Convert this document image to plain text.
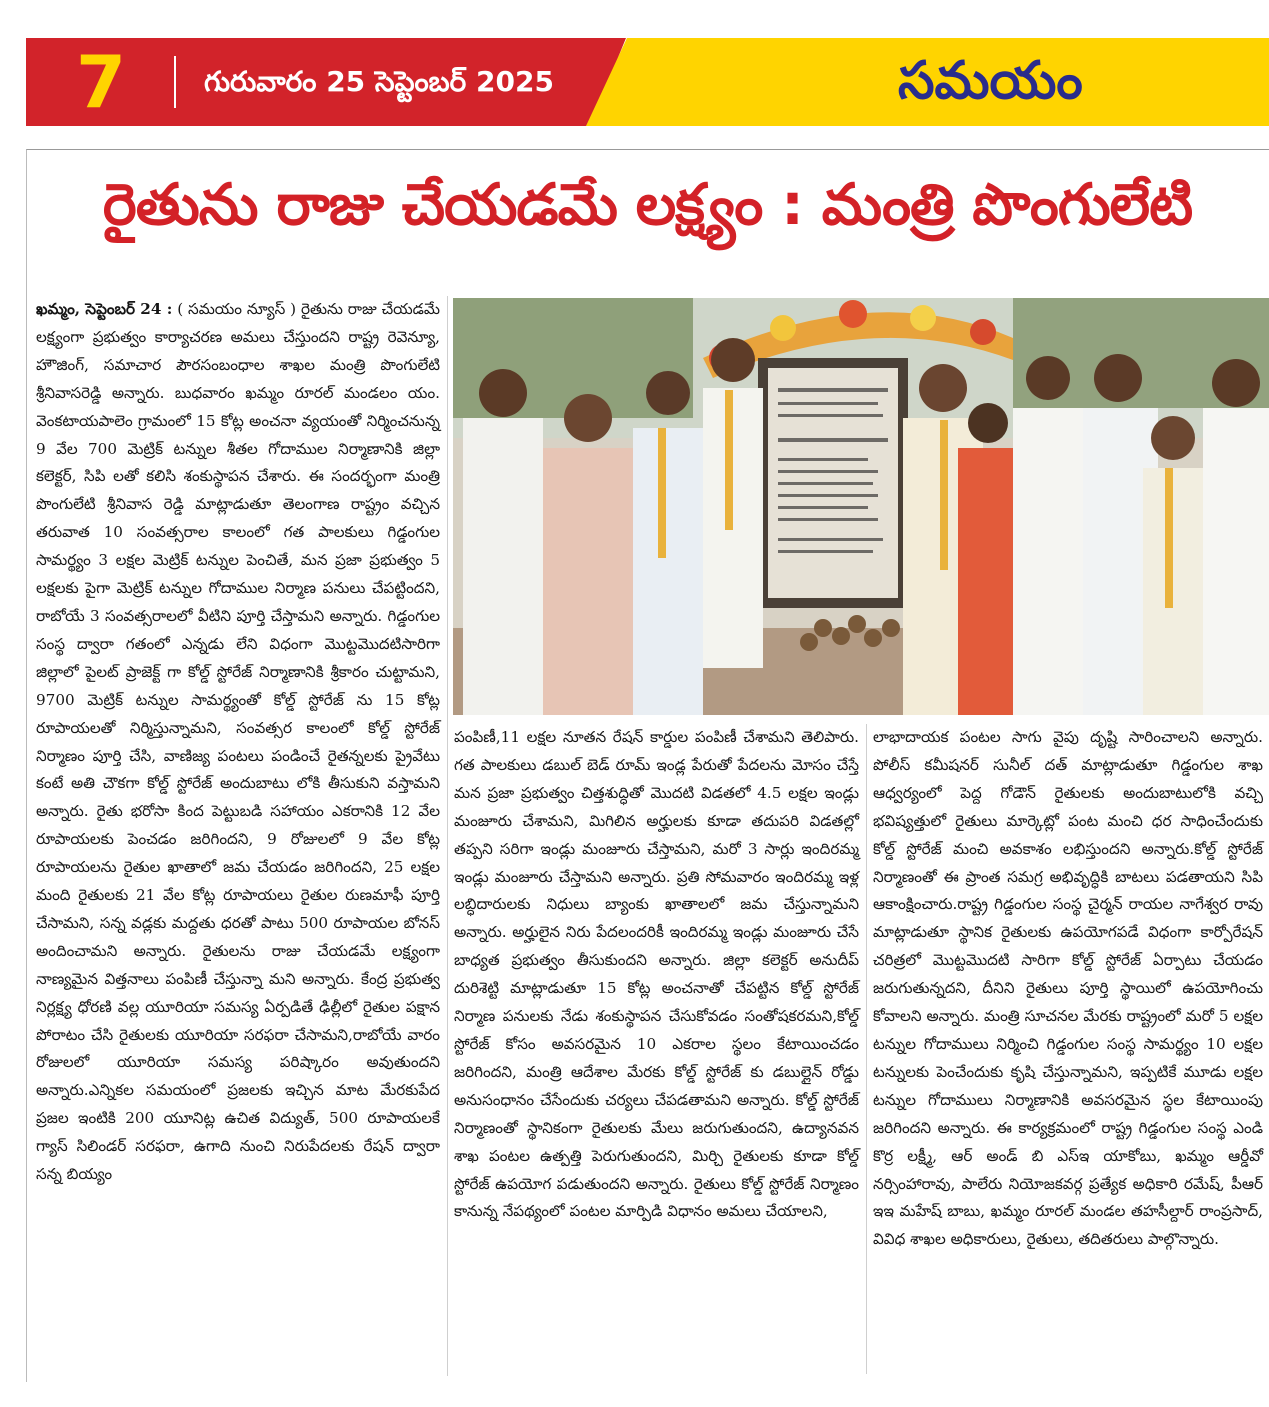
7	గురువారం 25 సెప్టెంబర్ 2025	సమయం
రైతును రాజు చేయడమే లక్ష్యం : మంత్రి పొంగులేటి
ఖమ్మం, సెప్టెంబర్ 24 : ( సమయం న్యూస్ ) రైతును రాజు చేయడమే లక్ష్యంగా ప్రభుత్వం కార్యాచరణ అమలు చేస్తుందని రాష్ట్ర రెవెన్యూ, హౌజింగ్, సమాచార పౌరసంబంధాల శాఖల మంత్రి పొంగులేటి శ్రీనివాసరెడ్డి అన్నారు. బుధవారం ఖమ్మం రూరల్ మండలం యం. వెంకటాయపాలెం గ్రామంలో 15 కోట్ల అంచనా వ్యయంతో నిర్మించనున్న 9 వేల 700 మెట్రిక్ టన్నుల శీతల గోదాముల నిర్మాణానికి జిల్లా కలెక్టర్, సిపి లతో కలిసి శంకుస్థాపన చేశారు. ఈ సందర్భంగా మంత్రి పొంగులేటి శ్రీనివాస రెడ్డి మాట్లాడుతూ తెలంగాణ రాష్ట్రం వచ్చిన తరువాత 10 సంవత్సరాల కాలంలో గత పాలకులు గిడ్డంగుల సామర్థ్యం 3 లక్షల మెట్రిక్ టన్నుల పెంచితే, మన ప్రజా ప్రభుత్వం 5 లక్షలకు పైగా మెట్రిక్ టన్నుల గోదాముల నిర్మాణ పనులు చేపట్టిందని, రాబోయే 3 సంవత్సరాలలో వీటిని పూర్తి చేస్తామని అన్నారు. గిడ్డంగుల సంస్థ ద్వారా గతంలో ఎన్నడు లేని విధంగా మొట్టమొదటిసారిగా జిల్లాలో పైలట్ ప్రాజెక్ట్ గా కోల్డ్ స్టోరేజ్ నిర్మాణానికి శ్రీకారం చుట్టామని, 9700 మెట్రిక్ టన్నుల సామర్థ్యంతో కోల్డ్ స్టోరేజ్ ను 15 కోట్ల రూపాయలతో నిర్మిస్తున్నామని, సంవత్సర కాలంలో కోల్డ్ స్టోరేజ్ నిర్మాణం పూర్తి చేసి, వాణిజ్య పంటలు పండించే రైతన్నలకు ప్రైవేటు కంటే అతి చౌకగా కోల్డ్ స్టోరేజ్ అందుబాటు లోకి తీసుకుని వస్తామని అన్నారు. రైతు భరోసా కింద పెట్టుబడి సహాయం ఎకరానికి 12 వేల రూపాయలకు పెంచడం జరిగిందని, 9 రోజులలో 9 వేల కోట్ల రూపాయలను రైతుల ఖాతాలో జమ చేయడం జరిగిందని, 25 లక్షల మంది రైతులకు 21 వేల కోట్ల రూపాయలు రైతుల రుణమాఫీ పూర్తి చేసామని, సన్న వడ్లకు మద్దతు ధరతో పాటు 500 రూపాయల బోనస్ అందించామని అన్నారు. రైతులను రాజు చేయడమే లక్ష్యంగా నాణ్యమైన విత్తనాలు పంపిణీ చేస్తున్నా మని అన్నారు. కేంద్ర ప్రభుత్వ నిర్లక్ష్య ధోరణి వల్ల యూరియా సమస్య ఏర్పడితే ఢిల్లీలో రైతుల పక్షాన పోరాటం చేసి రైతులకు యూరియా సరఫరా చేసామని,రాబోయే వారం రోజులలో యూరియా సమస్య పరిష్కారం అవుతుందని అన్నారు.ఎన్నికల సమయంలో ప్రజలకు ఇచ్చిన మాట మేరకుపేద ప్రజల ఇంటికి 200 యూనిట్ల ఉచిత విద్యుత్, 500 రూపాయలకే గ్యాస్ సిలిండర్ సరఫరా, ఉగాది నుంచి నిరుపేదలకు రేషన్ ద్వారా సన్న బియ్యం
పంపిణీ,11 లక్షల నూతన రేషన్ కార్డుల పంపిణీ చేశామని తెలిపారు. గత పాలకులు డబుల్ బెడ్ రూమ్ ఇండ్ల పేరుతో పేదలను మోసం చేస్తే మన ప్రజా ప్రభుత్వం చిత్తశుద్ధితో మొదటి విడతలో 4.5 లక్షల ఇండ్లు మంజూరు చేశామని, మిగిలిన అర్హులకు కూడా తదుపరి విడతల్లో తప్పని సరిగా ఇండ్లు మంజూరు చేస్తామని, మరో 3 సార్లు ఇందిరమ్మ ఇండ్లు మంజూరు చేస్తామని అన్నారు. ప్రతి సోమవారం ఇందిరమ్మ ఇళ్ల లబ్ధిదారులకు నిధులు బ్యాంకు ఖాతాలలో జమ చేస్తున్నామని అన్నారు. అర్హులైన నిరు పేదలందరికీ ఇందిరమ్మ ఇండ్లు మంజూరు చేసే బాధ్యత ప్రభుత్వం తీసుకుందని అన్నారు. జిల్లా కలెక్టర్ అనుదీప్ దురిశెట్టి మాట్లాడుతూ 15 కోట్ల అంచనాతో చేపట్టిన కోల్డ్ స్టోరేజ్ నిర్మాణ పనులకు నేడు శంకుస్థాపన చేసుకోవడం సంతోషకరమని,కోల్డ్ స్టోరేజ్ కోసం అవసరమైన 10 ఎకరాల స్థలం కేటాయించడం జరిగిందని, మంత్రి ఆదేశాల మేరకు కోల్డ్ స్టోరేజ్ కు డబుల్లైన్ రోడ్డు అనుసంధానం చేసేందుకు చర్యలు చేపడతామని అన్నారు. కోల్డ్ స్టోరేజ్ నిర్మాణంతో స్థానికంగా రైతులకు మేలు జరుగుతుందని, ఉద్యానవన శాఖ పంటల ఉత్పత్తి పెరుగుతుందని, మిర్చి రైతులకు కూడా కోల్డ్ స్టోరేజ్ ఉపయోగ పడుతుందని అన్నారు. రైతులు కోల్డ్ స్టోరేజ్ నిర్మాణం కానున్న నేపథ్యంలో పంటల మార్పిడి విధానం అమలు చేయాలని,
లాభాదాయక పంటల సాగు వైపు దృష్టి సారించాలని అన్నారు. పోలీస్ కమీషనర్ సునీల్ దత్ మాట్లాడుతూ గిడ్డంగుల శాఖ ఆధ్వర్యంలో పెద్ద గోడౌన్ రైతులకు అందుబాటులోకి వచ్చి భవిష్యత్తులో రైతులు మార్కెట్లో పంట మంచి ధర సాధించేందుకు కోల్డ్ స్టోరేజ్ మంచి అవకాశం లభిస్తుందని అన్నారు.కోల్డ్ స్టోరేజ్ నిర్మాణంతో ఈ ప్రాంత సమగ్ర అభివృద్ధికి బాటలు పడతాయని సిపి ఆకాంక్షించారు.రాష్ట్ర గిడ్డంగుల సంస్థ చైర్మన్ రాయల నాగేశ్వర రావు మాట్లాడుతూ స్థానిక రైతులకు ఉపయోగపడే విధంగా కార్పోరేషన్ చరిత్రలో మొట్టమొదటి సారిగా కోల్డ్ స్టోరేజ్ ఏర్పాటు చేయడం జరుగుతున్నదని, దీనిని రైతులు పూర్తి స్థాయిలో ఉపయోగించు కోవాలని అన్నారు. మంత్రి సూచనల మేరకు రాష్ట్రంలో మరో 5 లక్షల టన్నుల గోదాములు నిర్మించి గిడ్డంగుల సంస్థ సామర్థ్యం 10 లక్షల టన్నులకు పెంచేందుకు కృషి చేస్తున్నామని, ఇప్పటికే మూడు లక్షల టన్నుల గోదాములు నిర్మాణానికి అవసరమైన స్థల కేటాయింపు జరిగిందని అన్నారు. ఈ కార్యక్రమంలో రాష్ట్ర గిడ్డంగుల సంస్థ ఎండి కొర్ర లక్ష్మీ, ఆర్ అండ్ బి ఎస్ఇ యాకోబు, ఖమ్మం ఆర్డీవో నర్సింహారావు, పాలేరు నియోజకవర్గ ప్రత్యేక అధికారి రమేష్, పీఆర్ ఇఇ మహేష్ బాబు, ఖమ్మం రూరల్ మండల తహసీల్దార్ రాంప్రసాద్, వివిధ శాఖల అధికారులు, రైతులు, తదితరులు పాల్గొన్నారు.
